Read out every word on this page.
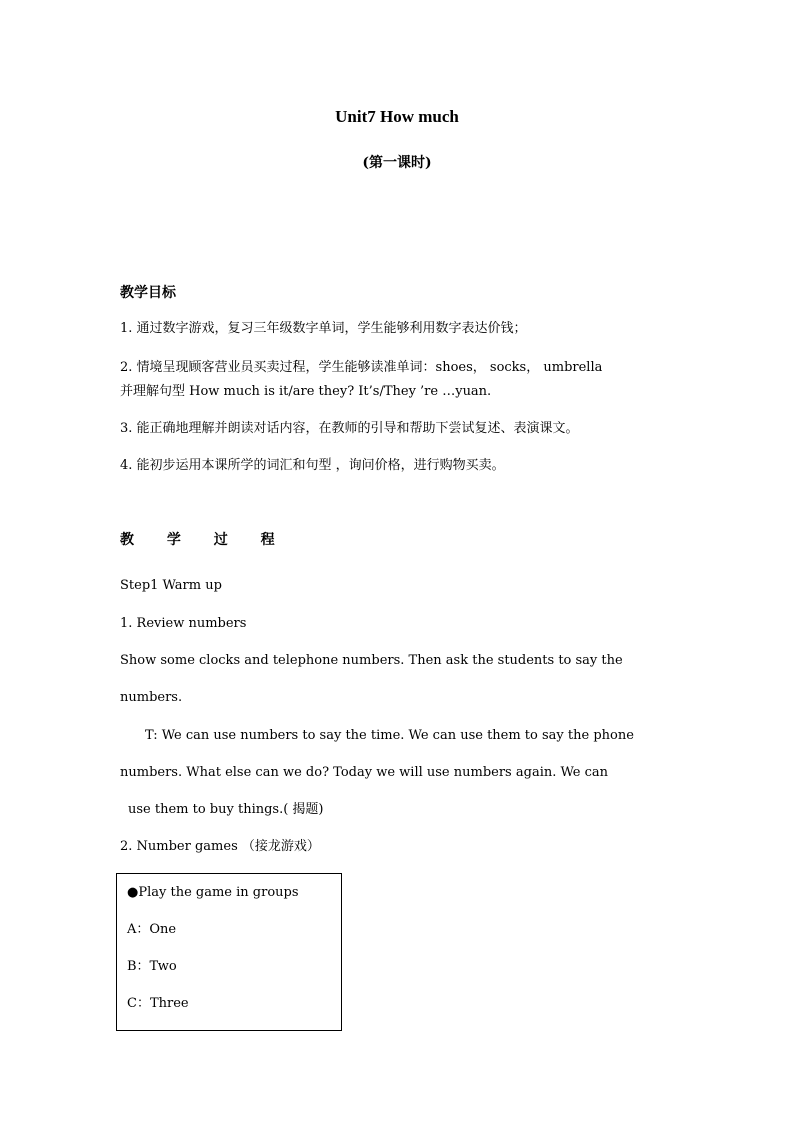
Unit7 How much
(第一课时)
教学目标
1. 通过数字游戏，复习三年级数字单词，学生能够利用数字表达价钱；
2. 情境呈现顾客营业员买卖过程，学生能够读准单词：shoes， socks， umbrella
并理解句型 How much is it/are they? It’s/They ’re …yuan.
3. 能正确地理解并朗读对话内容，在教师的引导和帮助下尝试复述、表演课文。
4. 能初步运用本课所学的词汇和句型 ，询问价格，进行购物买卖。
教 学 过 程
Step1 Warm up
1. Review numbers
Show some clocks and telephone numbers. Then ask the students to say the
numbers.
T: We can use numbers to say the time. We can use them to say the phone
numbers. What else can we do? Today we will use numbers again. We can
use them to buy things.( 揭题)
2. Number games （接龙游戏）
●Play the game in groups
A：One
B：Two
C：Three
